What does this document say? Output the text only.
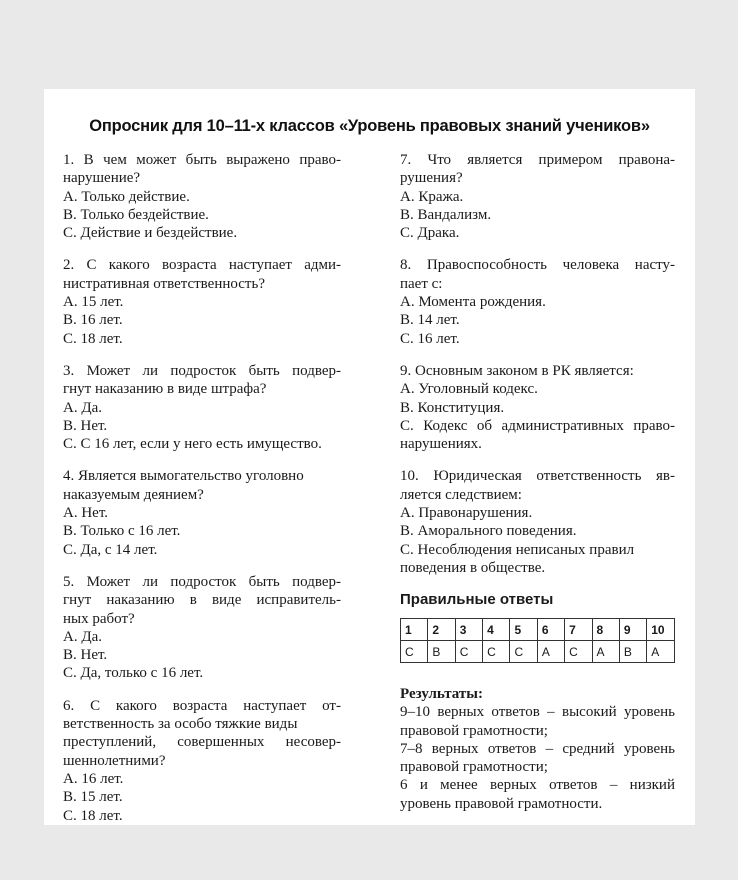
Опросник для 10–11-х классов «Уровень правовых знаний учеников»
1. В чем может быть выражено право-
нарушение?
A. Только действие.
B. Только бездействие.
C. Действие и бездействие.
2. С какого возраста наступает адми-
нистративная ответственность?
A. 15 лет.
B. 16 лет.
C. 18 лет.
3. Может ли подросток быть подвер-
гнут наказанию в виде штрафа?
A. Да.
B. Нет.
C. С 16 лет, если у него есть имущество.
4. Является вымогательство уголовно
наказуемым деянием?
A. Нет.
B. Только с 16 лет.
C. Да, с 14 лет.
5. Может ли подросток быть подвер-
гнут наказанию в виде исправитель-
ных работ?
A. Да.
B. Нет.
C. Да, только с 16 лет.
6. С какого возраста наступает от-
ветственность за особо тяжкие виды
преступлений, совершенных несовер-
шеннолетними?
A. 16 лет.
B. 15 лет.
C. 18 лет.
7. Что является примером правона-
рушения?
A. Кража.
B. Вандализм.
C. Драка.
8. Правоспособность человека насту-
пает с:
A. Момента рождения.
B. 14 лет.
C. 16 лет.
9. Основным законом в РК является:
A. Уголовный кодекс.
B. Конституция.
C. Кодекс об административных право-
нарушениях.
10. Юридическая ответственность яв-
ляется следствием:
A. Правонарушения.
B. Аморального поведения.
C. Несоблюдения неписаных правил
поведения в обществе.
Правильные ответы
1	2	3	4	5	6	7	8	9	10
C	B	C	C	C	A	C	A	B	A
Результаты:
9–10 верных ответов – высокий уровень
правовой грамотности;
7–8 верных ответов – средний уровень
правовой грамотности;
6 и менее верных ответов – низкий
уровень правовой грамотности.
